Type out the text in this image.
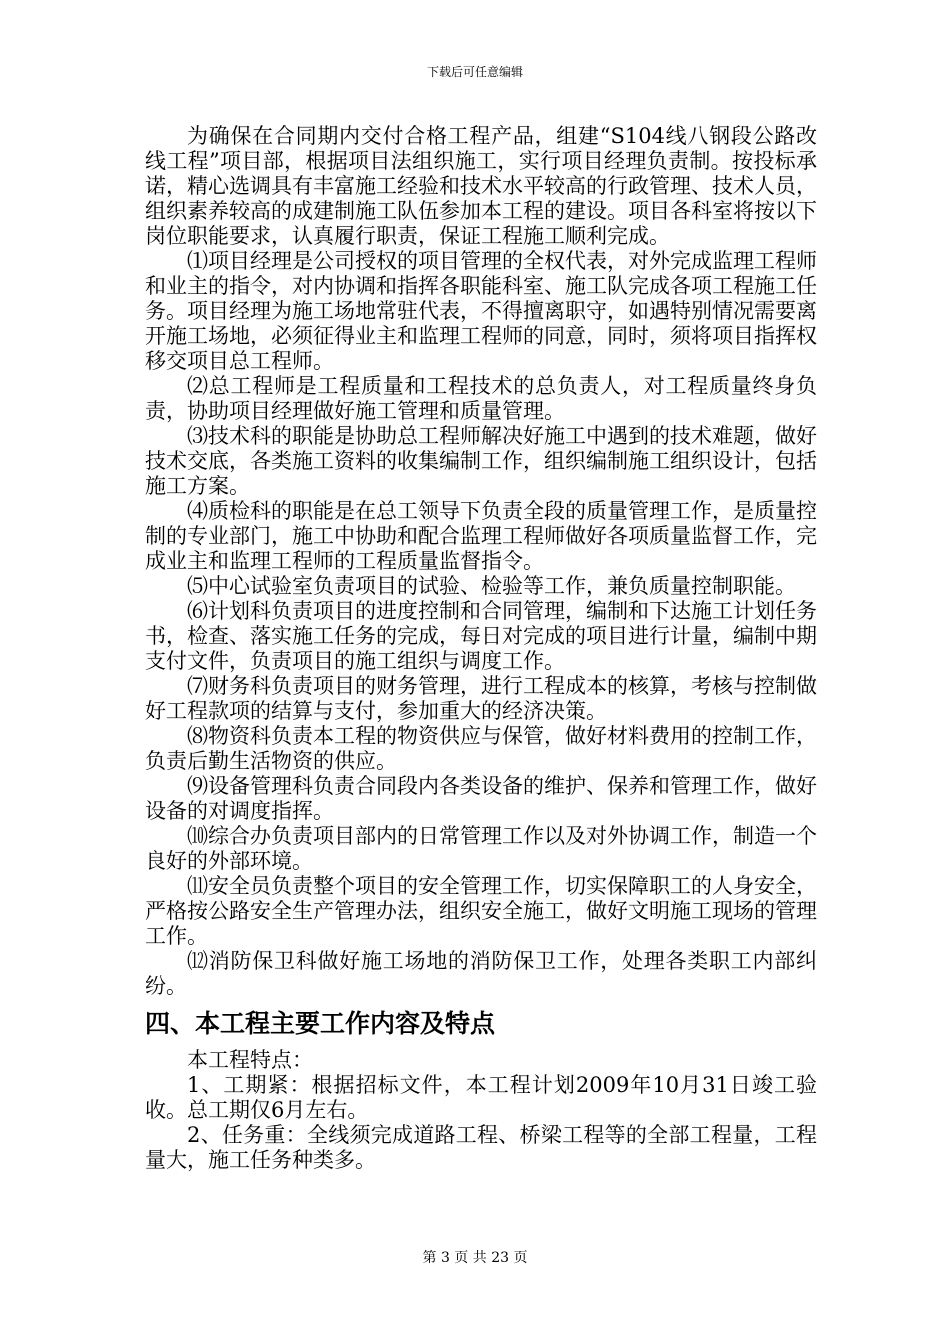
下载后可任意编辑

为确保在合同期内交付合格工程产品，组建“S104线八钢段公路改线工程”项目部，根据项目法组织施工，实行项目经理负责制。按投标承诺，精心选调具有丰富施工经验和技术水平较高的行政管理、技术人员，组织素养较高的成建制施工队伍参加本工程的建设。项目各科室将按以下岗位职能要求，认真履行职责，保证工程施工顺利完成。

⑴项目经理是公司授权的项目管理的全权代表，对外完成监理工程师和业主的指令，对内协调和指挥各职能科室、施工队完成各项工程施工任务。项目经理为施工场地常驻代表，不得擅离职守，如遇特别情况需要离开施工场地，必须征得业主和监理工程师的同意，同时，须将项目指挥权移交项目总工程师。

⑵总工程师是工程质量和工程技术的总负责人，对工程质量终身负责，协助项目经理做好施工管理和质量管理。

⑶技术科的职能是协助总工程师解决好施工中遇到的技术难题，做好技术交底，各类施工资料的收集编制工作，组织编制施工组织设计，包括施工方案。

⑷质检科的职能是在总工领导下负责全段的质量管理工作，是质量控制的专业部门，施工中协助和配合监理工程师做好各项质量监督工作，完成业主和监理工程师的工程质量监督指令。

⑸中心试验室负责项目的试验、检验等工作，兼负质量控制职能。

⑹计划科负责项目的进度控制和合同管理，编制和下达施工计划任务书，检查、落实施工任务的完成，每日对完成的项目进行计量，编制中期支付文件，负责项目的施工组织与调度工作。

⑺财务科负责项目的财务管理，进行工程成本的核算，考核与控制做好工程款项的结算与支付，参加重大的经济决策。

⑻物资科负责本工程的物资供应与保管，做好材料费用的控制工作，负责后勤生活物资的供应。

⑼设备管理科负责合同段内各类设备的维护、保养和管理工作，做好设备的对调度指挥。

⑽综合办负责项目部内的日常管理工作以及对外协调工作，制造一个良好的外部环境。

⑾安全员负责整个项目的安全管理工作，切实保障职工的人身安全，严格按公路安全生产管理办法，组织安全施工，做好文明施工现场的管理工作。

⑿消防保卫科做好施工场地的消防保卫工作，处理各类职工内部纠纷。

四、本工程主要工作内容及特点

本工程特点：

1、工期紧：根据招标文件，本工程计划2009年10月31日竣工验收。总工期仅6月左右。

2、任务重：全线须完成道路工程、桥梁工程等的全部工程量，工程量大，施工任务种类多。

第 3 页 共 23 页
